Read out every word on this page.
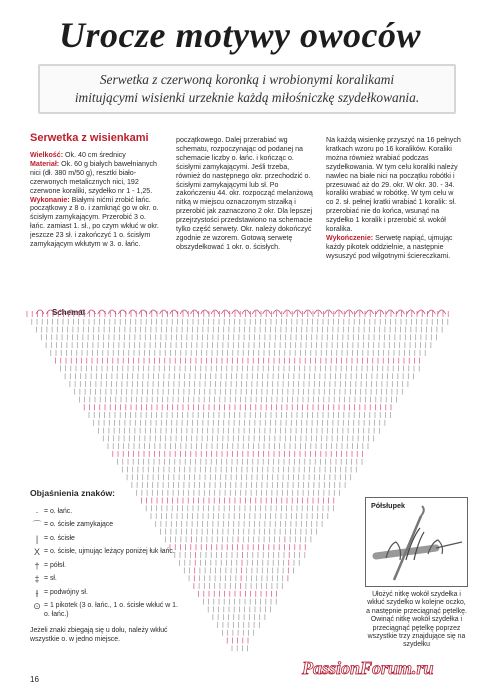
Urocze motywy owoców
Serwetka z czerwoną koronką i wrobionymi koralikami
imitującymi wisienki urzeknie każdą miłośniczkę szydełkowania.

Serwetka z wisienkami

Wielkość: Ok. 40 cm średnicy

Materiał: Ok. 60 g białych bawełnianych nici (dł. 380 m/50 g), resztki biało-czerwonych metalicznych nici, 192 czerwone koraliki, szydełko nr 1 - 1,25.

Wykonanie: Białymi nićmi zrobić łańc. początkowy z 8 o. i zamknąć go w okr. o. ścisłym zamykającym. Przerobić 3 o. łańc. zamiast 1. sł., po czym wkłuć w okr. jeszcze 23 sł. i zakończyć 1 o. ścisłym zamykającym wkłutym w 3. o. łańc.

początkowego. Dalej przerabiać wg schematu, rozpoczynając od podanej na schemacie liczby o. łańc. i kończąc o. ścisłymi zamykającymi. Jeśli trzeba, również do następnego okr. przechodzić o. ścisłymi zamykającymi lub sł. Po zakończeniu 44. okr. rozpocząć melanżową nitką w miejscu oznaczonym strzałką i przerobić jak zaznaczono 2 okr. Dla lepszej przejrzystości przedstawiono na schemacie tylko część serwety. Okr. należy dokończyć zgodnie ze wzorem. Gotową serwetę obszydełkować 1 okr. o. ścisłych.

Na każdą wisienkę przyszyć na 16 pełnych kratkach wzoru po 16 koralików. Koraliki można również wrabiać podczas szydełkowania. W tym celu koraliki należy nawlec na białe nici na początku robótki i przesuwać aż do 29. okr. W okr. 30. - 34. koraliki wrabiać w robótkę. W tym celu w co 2. sł. pełnej kratki wrabiać 1 koralik: sł. przerobiać nie do końca, wsunąć na szydełko 1 koralik i przerobić sł. wokół koralika.

Wykończenie: Serwetę napiąć, ujmując każdy pikotek oddzielnie, a następnie wysuszyć pod wilgotnymi ściereczkami.

Schemat
Objaśnienia znaków:
· = o. łańc.
⌒ = o. ścisłe zamykające
| = o. ścisłe
X = o. ścisłe, ujmując leżący poniżej łuk łańc.
† = półsł.
‡ = sł.
⫲ = podwójny sł.
⊙ = 1 pikotek (3 o. łańc., 1 o. ścisłe wkłuć w 1. o. łańc.)
Jeżeli znaki zbiegają się u dołu, należy wkłuć wszystkie o. w jedno miejsce.
Półsłupek
Ułożyć nitkę wokół szydełka i wkłuć szydełko w kolejne oczko, a następnie przeciągnąć pętelkę. Owinąć nitkę wokół szydełka i przeciągnąć pętelkę poprzez wszystkie trzy znajdujące się na szydełku
16
PassionForum.ru
